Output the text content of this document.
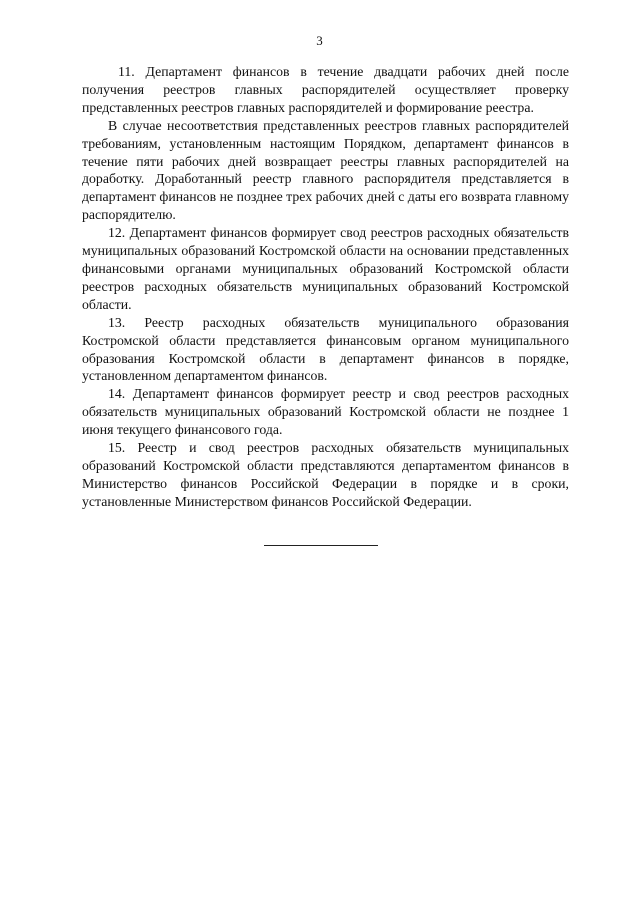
3

11. Департамент финансов в течение двадцати рабочих дней после получения реестров главных распорядителей осуществляет проверку представленных реестров главных распорядителей и формирование реестра.

В случае несоответствия представленных реестров главных распорядителей требованиям, установленным настоящим Порядком, департамент финансов в течение пяти рабочих дней возвращает реестры главных распорядителей на доработку. Доработанный реестр главного распорядителя представляется в департамент финансов не позднее трех рабочих дней с даты его возврата главному распорядителю.

12. Департамент финансов формирует свод реестров расходных обязательств муниципальных образований Костромской области на основании представленных финансовыми органами муниципальных образований Костромской области реестров расходных обязательств муниципальных образований Костромской области.

13. Реестр расходных обязательств муниципального образования Костромской области представляется финансовым органом муниципального образования Костромской области в департамент финансов в порядке, установленном департаментом финансов.

14. Департамент финансов формирует реестр и свод реестров расходных обязательств муниципальных образований Костромской области не позднее 1 июня текущего финансового года.

15. Реестр и свод реестров расходных обязательств муниципальных образований Костромской области представляются департаментом финансов в Министерство финансов Российской Федерации в порядке и в сроки, установленные Министерством финансов Российской Федерации.
